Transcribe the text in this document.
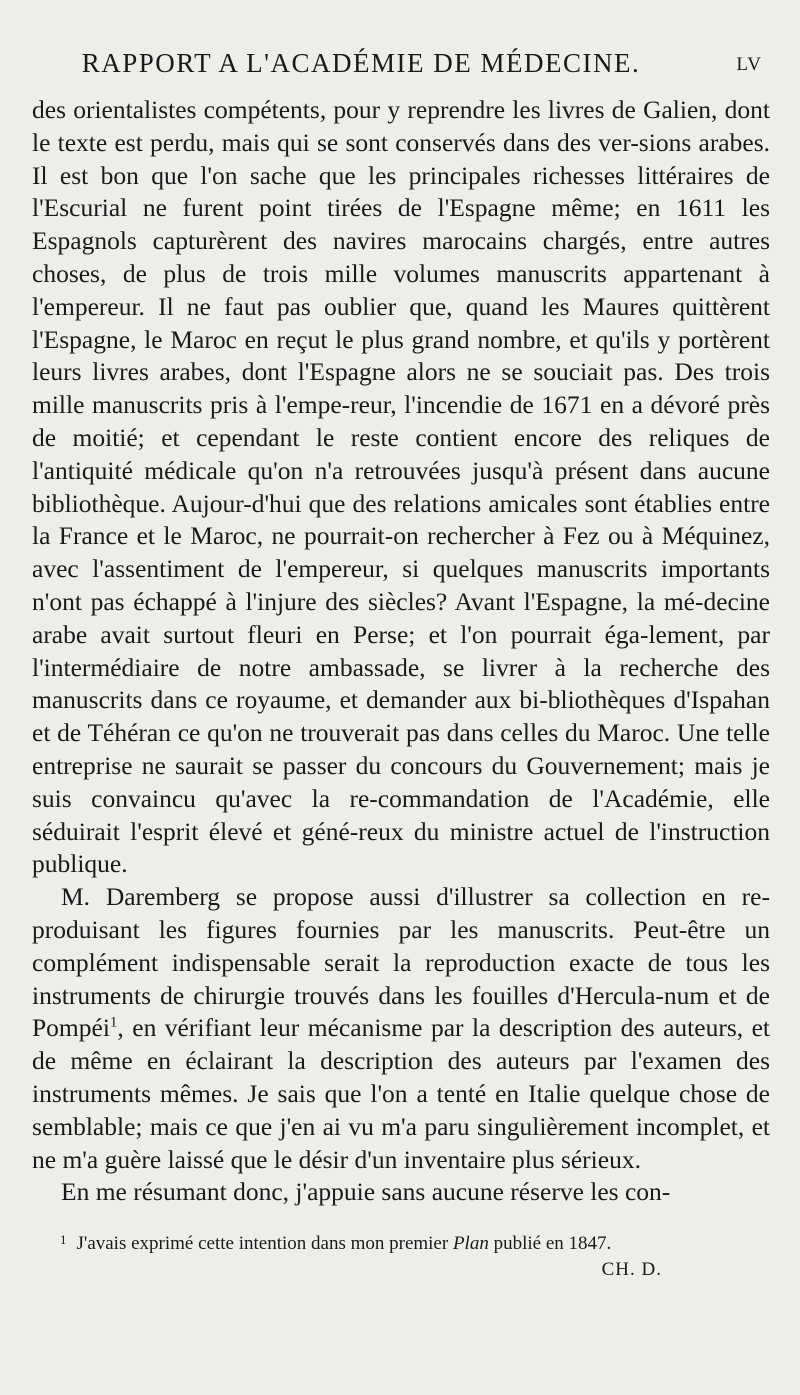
RAPPORT A L'ACADÉMIE DE MÉDECINE.	LV

des orientalistes compétents, pour y reprendre les livres de Galien, dont le texte est perdu, mais qui se sont conservés dans des ver-sions arabes. Il est bon que l'on sache que les principales richesses littéraires de l'Escurial ne furent point tirées de l'Espagne même; en 1611 les Espagnols capturèrent des navires marocains chargés, entre autres choses, de plus de trois mille volumes manuscrits appartenant à l'empereur. Il ne faut pas oublier que, quand les Maures quittèrent l'Espagne, le Maroc en reçut le plus grand nombre, et qu'ils y portèrent leurs livres arabes, dont l'Espagne alors ne se souciait pas. Des trois mille manuscrits pris à l'empe-reur, l'incendie de 1671 en a dévoré près de moitié; et cependant le reste contient encore des reliques de l'antiquité médicale qu'on n'a retrouvées jusqu'à présent dans aucune bibliothèque. Aujour-d'hui que des relations amicales sont établies entre la France et le Maroc, ne pourrait-on rechercher à Fez ou à Méquinez, avec l'assentiment de l'empereur, si quelques manuscrits importants n'ont pas échappé à l'injure des siècles? Avant l'Espagne, la mé-decine arabe avait surtout fleuri en Perse; et l'on pourrait éga-lement, par l'intermédiaire de notre ambassade, se livrer à la recherche des manuscrits dans ce royaume, et demander aux bi-bliothèques d'Ispahan et de Téhéran ce qu'on ne trouverait pas dans celles du Maroc. Une telle entreprise ne saurait se passer du concours du Gouvernement; mais je suis convaincu qu'avec la re-commandation de l'Académie, elle séduirait l'esprit élevé et géné-reux du ministre actuel de l'instruction publique.

M. Daremberg se propose aussi d'illustrer sa collection en re-produisant les figures fournies par les manuscrits. Peut-être un complément indispensable serait la reproduction exacte de tous les instruments de chirurgie trouvés dans les fouilles d'Hercula-num et de Pompéi$^1$, en vérifiant leur mécanisme par la description des auteurs, et de même en éclairant la description des auteurs par l'examen des instruments mêmes. Je sais que l'on a tenté en Italie quelque chose de semblable; mais ce que j'en ai vu m'a paru singulièrement incomplet, et ne m'a guère laissé que le désir d'un inventaire plus sérieux.

En me résumant donc, j'appuie sans aucune réserve les con-

$^1$ J'avais exprimé cette intention dans mon premier Plan publié en 1847.
CH. D.
